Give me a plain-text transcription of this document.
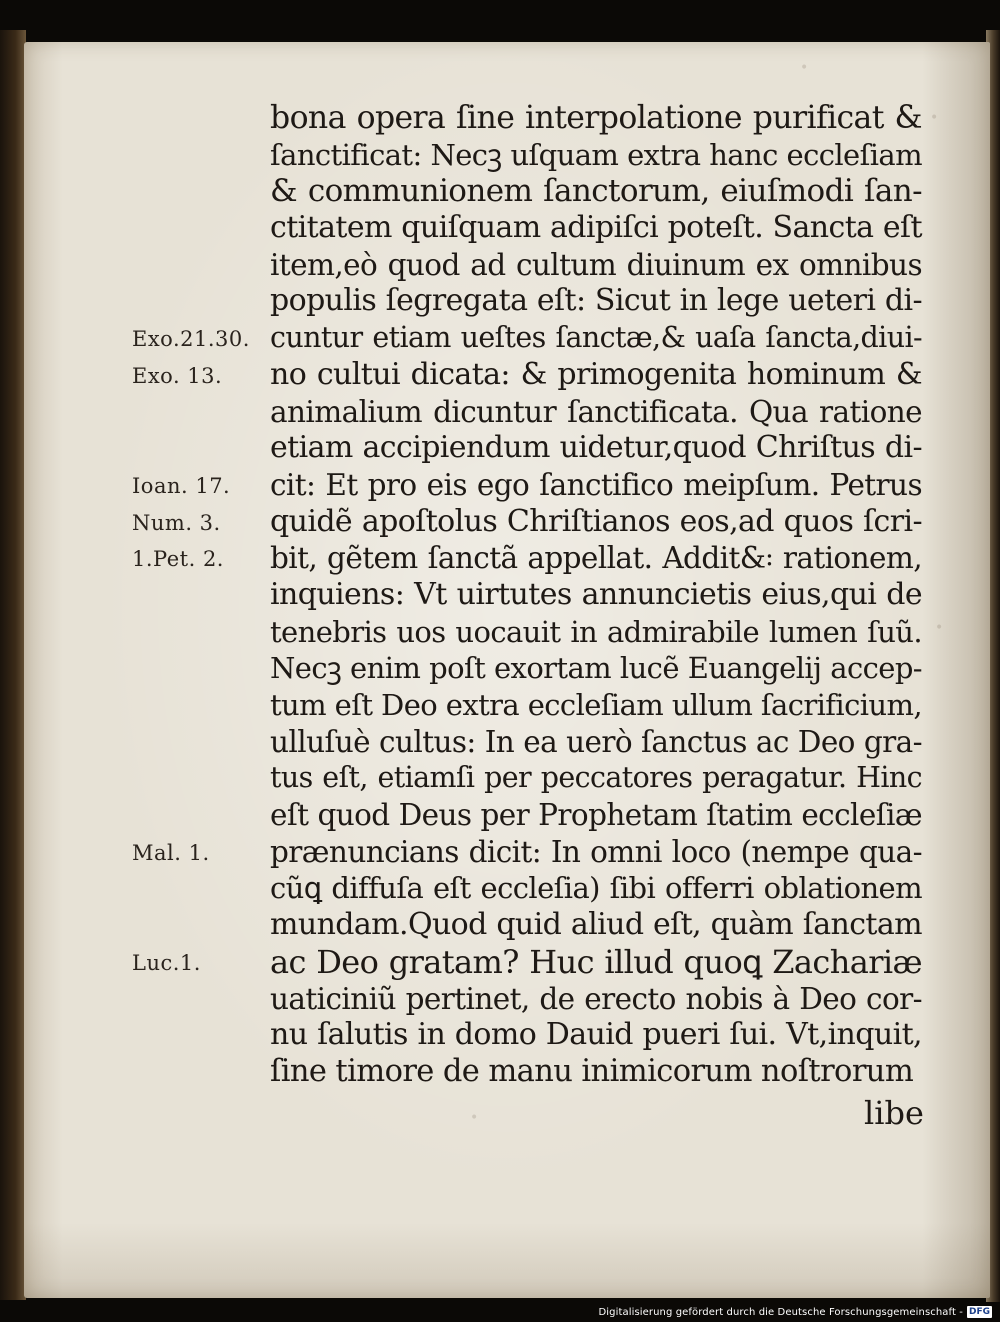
•
•
•
•
bona opera ſine interpolatione purificat &
ſanctificat: Necꝫ uſquam extra hanc eccleſiam
& communionem ſanctorum, eiuſmodi ſan-
ctitatem quiſquam adipiſci poteſt. Sancta eſt
item,eò quod ad cultum diuinum ex omnibus
populis ſegregata eſt: Sicut in lege ueteri di-
cuntur etiam ueſtes ſanctæ,& uaſa ſancta,diui-
no cultui dicata: & primogenita hominum &
animalium dicuntur ſanctificata. Qua ratione
etiam accipiendum uidetur,quod Chriſtus di-
cit: Et pro eis ego ſanctifico meipſum. Petrus
quidẽ apoſtolus Chriſtianos eos,ad quos ſcri-
bit, gẽtem ſanctã appellat. Addit&꞉ rationem,
inquiens: Vt uirtutes annuncietis eius,qui de
tenebris uos uocauit in admirabile lumen ſuũ.
Necꝫ enim poſt exortam lucẽ Euangelij accep-
tum eſt Deo extra eccleſiam ullum ſacrificium,
ulluſuè cultus: In ea uerò ſanctus ac Deo gra-
tus eſt, etiamſi per peccatores peragatur. Hinc
eſt quod Deus per Prophetam ſtatim eccleſiæ
prænuncians dicit: In omni loco (nempe qua-
cũꝗ diffuſa eſt eccleſia) ſibi offerri oblationem
mundam.Quod quid aliud eſt, quàm ſanctam
ac Deo gratam? Huc illud quoꝗ Zachariæ
uaticiniũ pertinet, de erecto nobis à Deo cor-
nu ſalutis in domo Dauid pueri ſui. Vt,inquit,
ſine timore de manu inimicorum noſtrorum
libe
Exo.21.30.
Exo. 13.
Ioan. 17.
Num. 3.
1.Pet. 2.
Mal. 1.
Luc.1.
Digitalisierung gefördert durch die Deutsche Forschungsgemeinschaft - DFG
